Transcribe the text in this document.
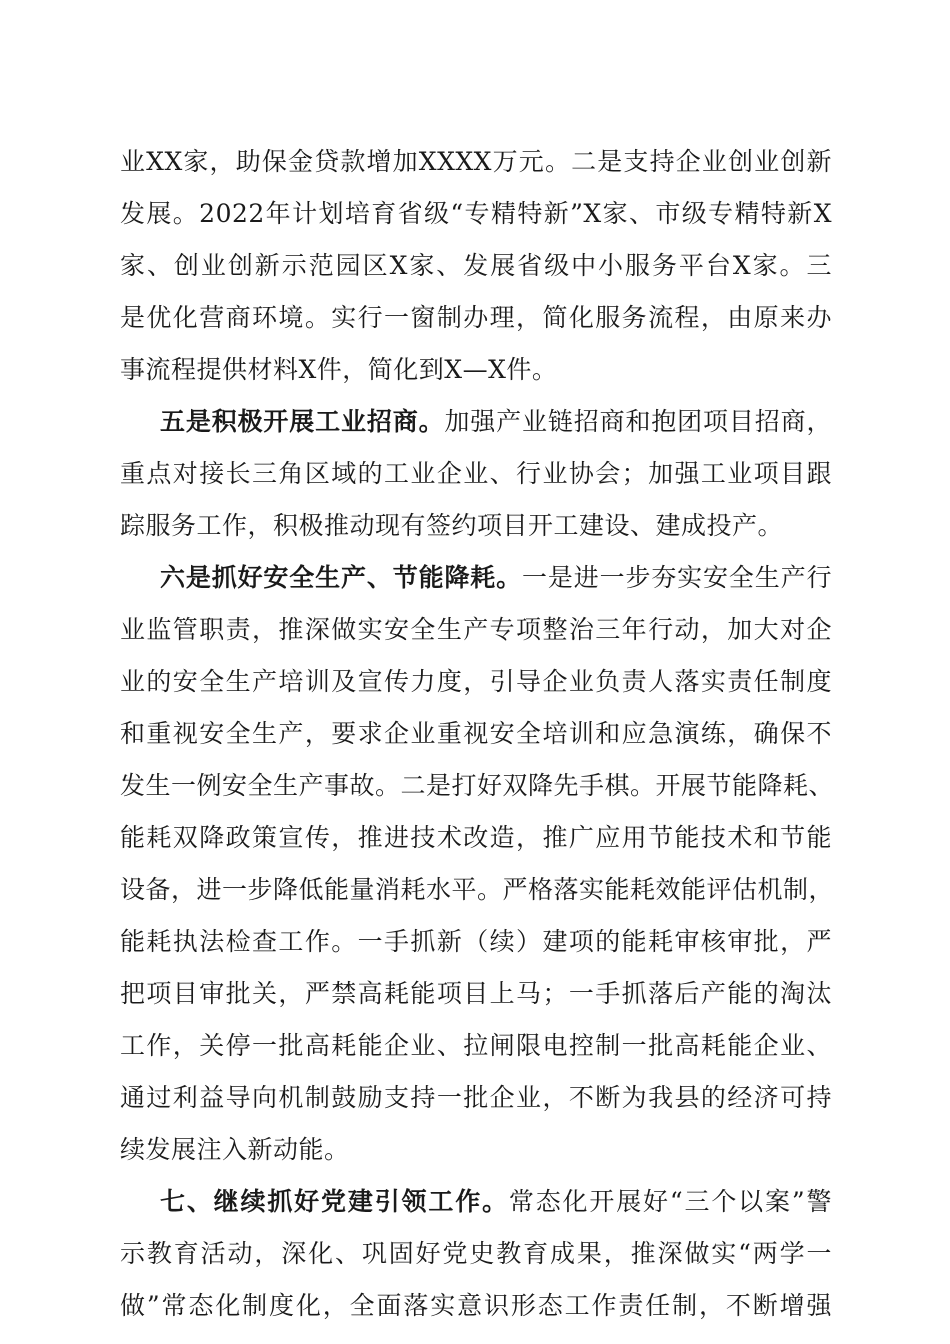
业XX家，助保金贷款增加XXXX万元。二是支持企业创业创新
发展。2022年计划培育省级“专精特新”X家、市级专精特新X
家、创业创新示范园区X家、发展省级中小服务平台X家。三
是优化营商环境。实行一窗制办理，简化服务流程，由原来办
事流程提供材料X件，简化到X—X件。
五是积极开展工业招商。加强产业链招商和抱团项目招商，
重点对接长三角区域的工业企业、行业协会；加强工业项目跟
踪服务工作，积极推动现有签约项目开工建设、建成投产。
六是抓好安全生产、节能降耗。一是进一步夯实安全生产行
业监管职责，推深做实安全生产专项整治三年行动，加大对企
业的安全生产培训及宣传力度，引导企业负责人落实责任制度
和重视安全生产，要求企业重视安全培训和应急演练，确保不
发生一例安全生产事故。二是打好双降先手棋。开展节能降耗、
能耗双降政策宣传，推进技术改造，推广应用节能技术和节能
设备，进一步降低能量消耗水平。严格落实能耗效能评估机制，
能耗执法检查工作。一手抓新（续）建项的能耗审核审批，严
把项目审批关，严禁高耗能项目上马；一手抓落后产能的淘汰
工作，关停一批高耗能企业、拉闸限电控制一批高耗能企业、
通过利益导向机制鼓励支持一批企业，不断为我县的经济可持
续发展注入新动能。
七、继续抓好党建引领工作。常态化开展好“三个以案”警
示教育活动，深化、巩固好党史教育成果，推深做实“两学一
做”常态化制度化，全面落实意识形态工作责任制，不断增强
